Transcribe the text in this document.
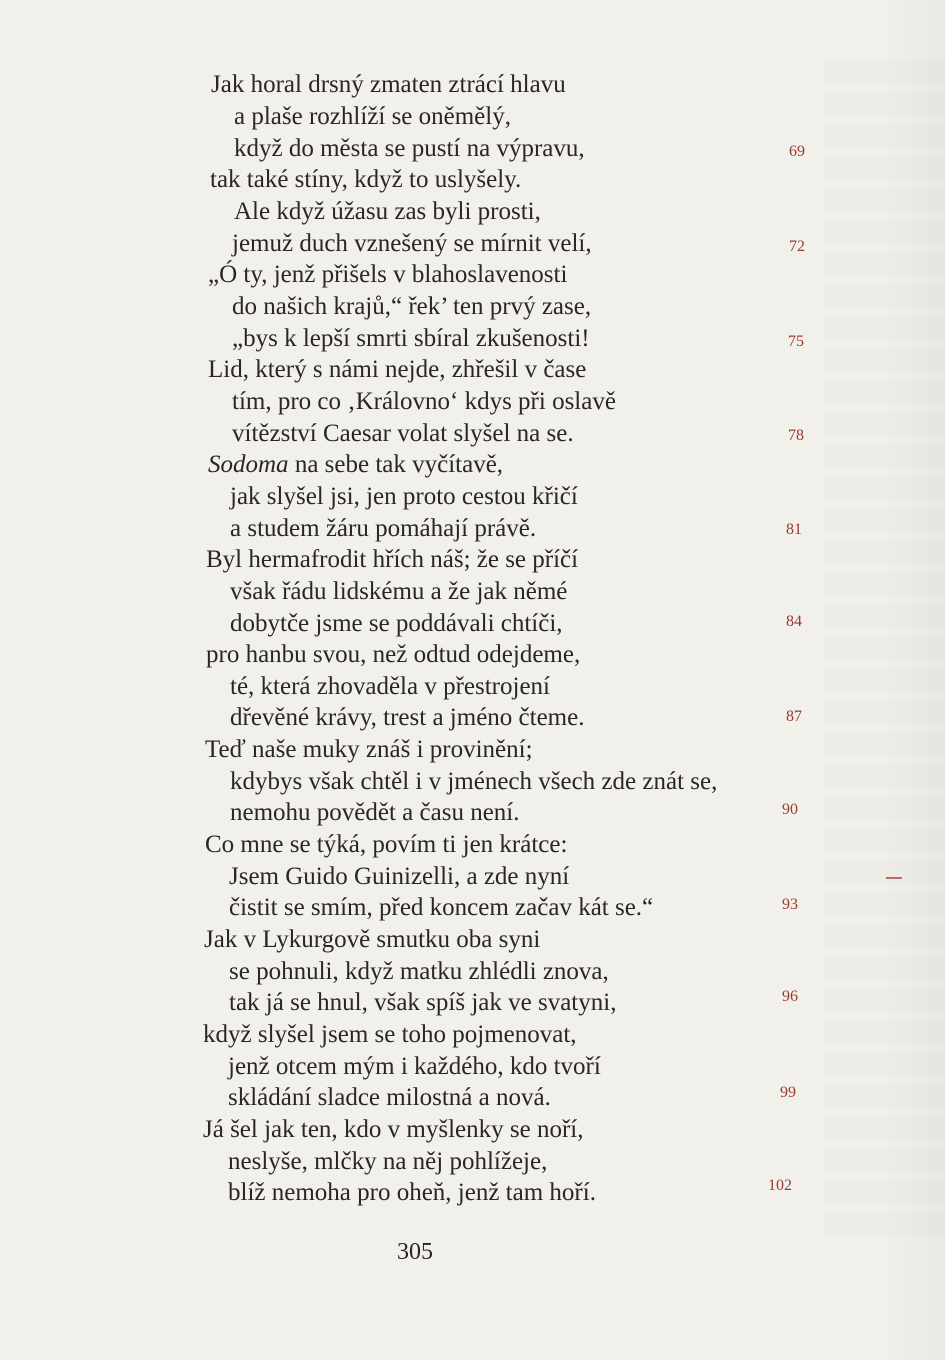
Jak horal drsný zmaten ztrácí hlavu
a plaše rozhlíží se oněmělý,
když do města se pustí na výpravu,
tak také stíny, když to uslyšely.
Ale když úžasu zas byli prosti,
jemuž duch vznešený se mírnit velí,
„Ó ty, jenž přišels v blahoslavenosti
do našich krajů,“ řek’ ten prvý zase,
„bys k lepší smrti sbíral zkušenosti!
Lid, který s námi nejde, zhřešil v čase
tím, pro co ‚Královno‘ kdys při oslavě
vítězství Caesar volat slyšel na se.
Sodoma na sebe tak vyčítavě,
jak slyšel jsi, jen proto cestou křičí
a studem žáru pomáhají právě.
Byl hermafrodit hřích náš; že se příčí
však řádu lidskému a že jak němé
dobytče jsme se poddávali chtíči,
pro hanbu svou, než odtud odejdeme,
té, která zhovaděla v přestrojení
dřevěné krávy, trest a jméno čteme.
Teď naše muky znáš i provinění;
kdybys však chtěl i v jménech všech zde znát se,
nemohu povědět a času není.
Co mne se týká, povím ti jen krátce:
Jsem Guido Guinizelli, a zde nyní
čistit se smím, před koncem začav kát se.“
Jak v Lykurgově smutku oba syni
se pohnuli, když matku zhlédli znova,
tak já se hnul, však spíš jak ve svatyni,
když slyšel jsem se toho pojmenovat,
jenž otcem mým i každého, kdo tvoří
skládání sladce milostná a nová.
Já šel jak ten, kdo v myšlenky se noří,
neslyše, mlčky na něj pohlížeje,
blíž nemoha pro oheň, jenž tam hoří.
69
72
75
78
81
84
87
90
93
96
99
102
305
